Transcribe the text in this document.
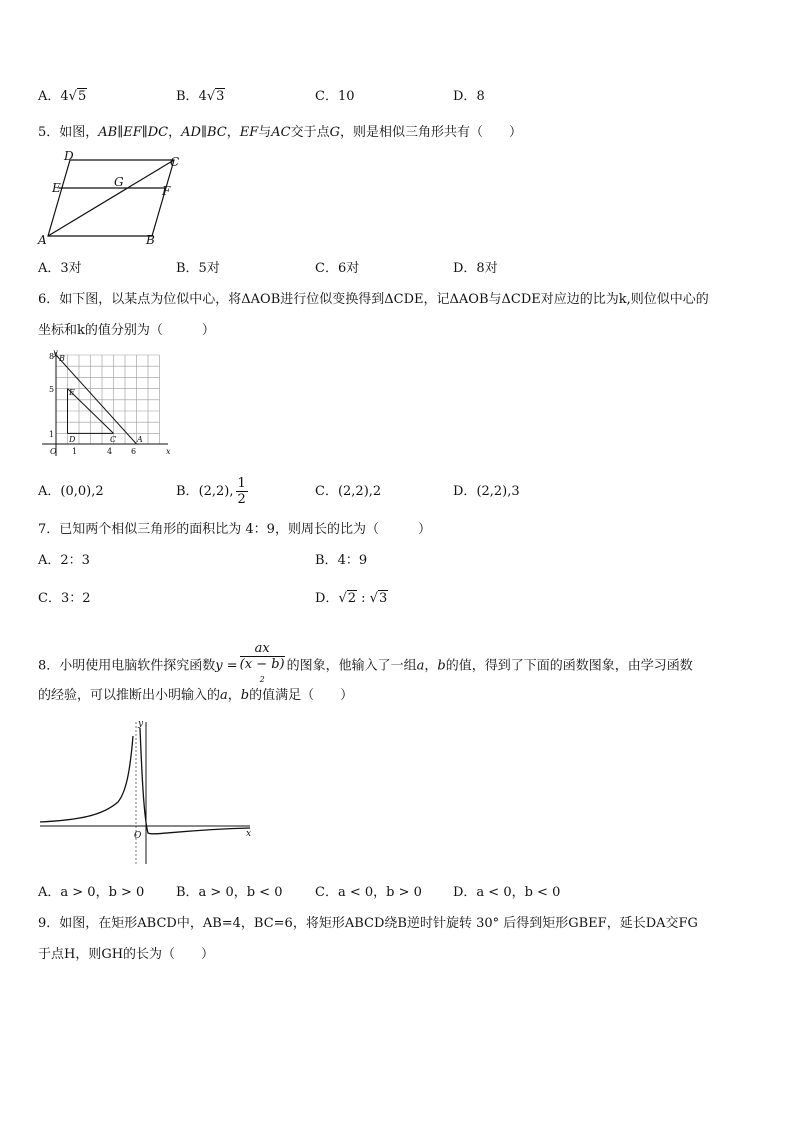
A．4√5	B．4√3	C．10	D．8
5．如图，AB∥EF∥DC，AD∥BC，EF与AC交于点G，则是相似三角形共有（　　）
D	C
E	G
F
A	B
A．3对	B．5对	C．6对	D．8对
6．如下图，以某点为位似中心，将ΔAOB进行位似变换得到ΔCDE，记ΔAOB与ΔCDE对应边的比为k,则位似中心的
坐标和k的值分别为（　　　）
y
x
O
8
5
1
1	4 6
B
E
D	C	A
A．(0,0),2	B．(2,2), $\frac{1}{2}$	C．(2,2),2	D．(2,2),3
7．已知两个相似三角形的面积比为 4：9，则周长的比为（　　　）
A．2：3	B．4：9
C．3：2	D．√2 : √3
8．小明使用电脑软件探究函数y = ax
(x − b)
$^2$ 的图象，他输入了一组a，b的值，得到了下面的函数图象，由学习函数
的经验，可以推断出小明输入的a，b的值满足（　　）
y
x
O
A．a > 0，b > 0 B．a > 0，b < 0	C．a < 0，b > 0 D．a < 0，b < 0
9．如图，在矩形ABCD中，AB=4，BC=6，将矩形ABCD绕B逆时针旋转 30° 后得到矩形GBEF，延长DA交FG
于点H，则GH的长为（　　）
